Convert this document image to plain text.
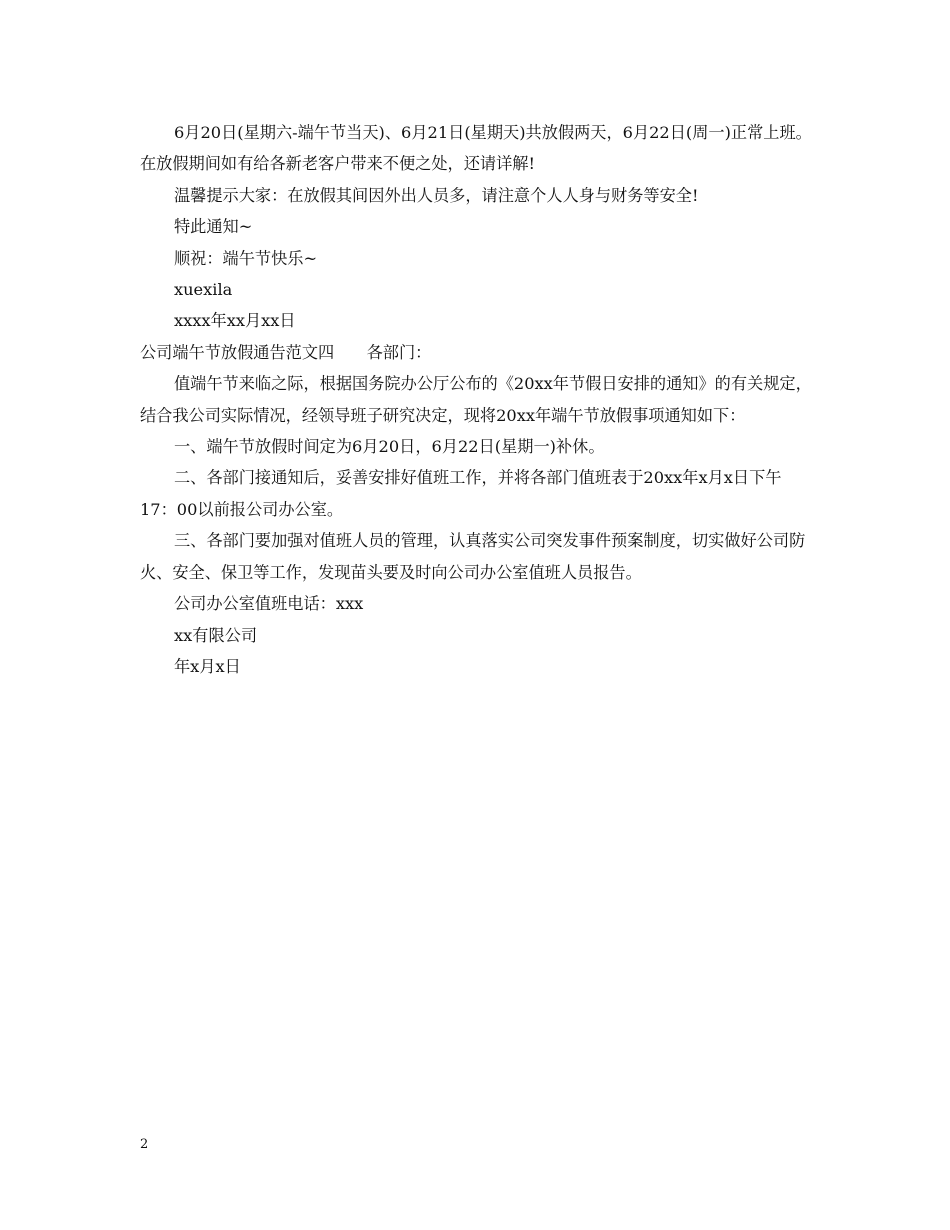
6月20日(星期六-端午节当天)、6月21日(星期天)共放假两天，6月22日(周一)正常上班。在放假期间如有给各新老客户带来不便之处，还请详解!

温馨提示大家：在放假其间因外出人员多，请注意个人人身与财务等安全!

特此通知~

顺祝：端午节快乐~

xuexila

xxxx年xx月xx日

公司端午节放假通告范文四　　各部门：

值端午节来临之际，根据国务院办公厅公布的《20xx年节假日安排的通知》的有关规定，结合我公司实际情况，经领导班子研究决定，现将20xx年端午节放假事项通知如下：

一、端午节放假时间定为6月20日，6月22日(星期一)补休。

二、各部门接通知后，妥善安排好值班工作，并将各部门值班表于20xx年x月x日下午17：00以前报公司办公室。

三、各部门要加强对值班人员的管理，认真落实公司突发事件预案制度，切实做好公司防火、安全、保卫等工作，发现苗头要及时向公司办公室值班人员报告。

公司办公室值班电话：xxx

xx有限公司

年x月x日

2
